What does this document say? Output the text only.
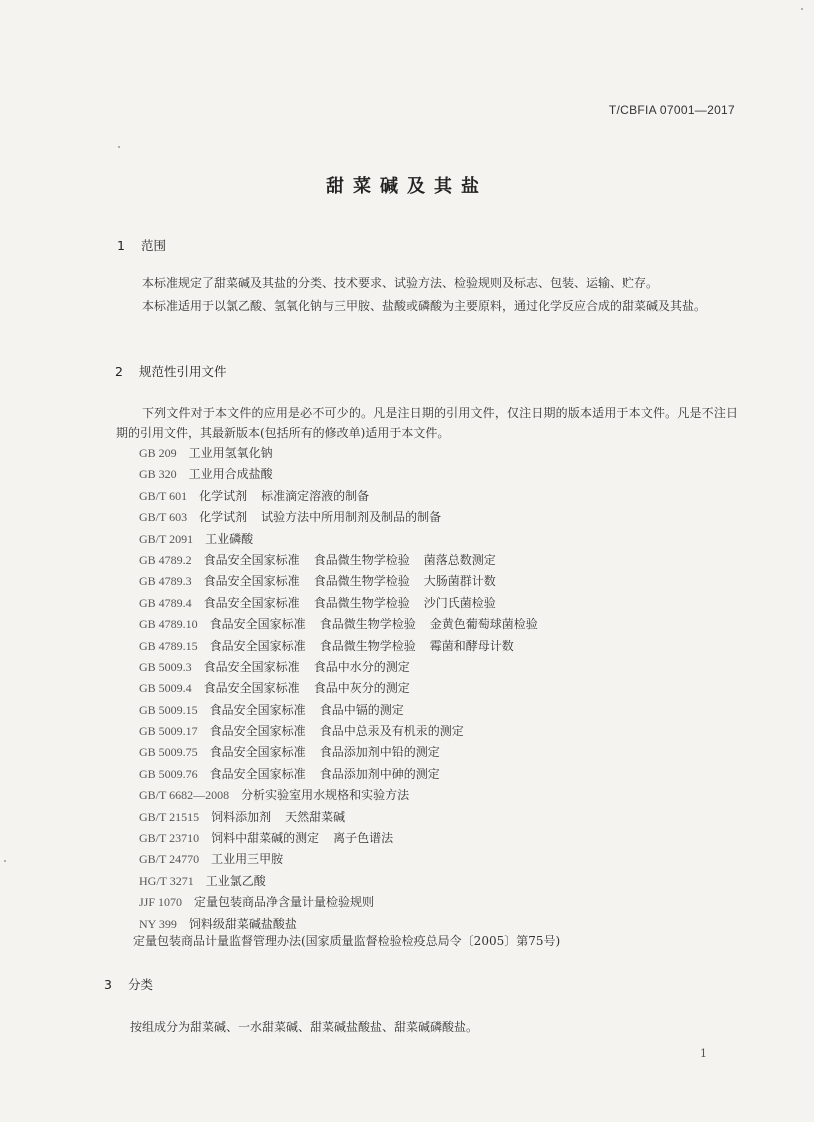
T/CBFIA 07001—2017
甜菜碱及其盐
1 范围
本标准规定了甜菜碱及其盐的分类、技术要求、试验方法、检验规则及标志、包装、运输、贮存。
本标准适用于以氯乙酸、氢氧化钠与三甲胺、盐酸或磷酸为主要原料，通过化学反应合成的甜菜碱及其盐。
2 规范性引用文件
下列文件对于本文件的应用是必不可少的。凡是注日期的引用文件，仅注日期的版本适用于本文件。凡是不注日期的引用文件，其最新版本(包括所有的修改单)适用于本文件。
GB 209 工业用氢氧化钠
GB 320 工业用合成盐酸
GB/T 601 化学试剂 标准滴定溶液的制备
GB/T 603 化学试剂 试验方法中所用制剂及制品的制备
GB/T 2091 工业磷酸
GB 4789.2 食品安全国家标准 食品微生物学检验 菌落总数测定
GB 4789.3 食品安全国家标准 食品微生物学检验 大肠菌群计数
GB 4789.4 食品安全国家标准 食品微生物学检验 沙门氏菌检验
GB 4789.10 食品安全国家标准 食品微生物学检验 金黄色葡萄球菌检验
GB 4789.15 食品安全国家标准 食品微生物学检验 霉菌和酵母计数
GB 5009.3 食品安全国家标准 食品中水分的测定
GB 5009.4 食品安全国家标准 食品中灰分的测定
GB 5009.15 食品安全国家标准 食品中镉的测定
GB 5009.17 食品安全国家标准 食品中总汞及有机汞的测定
GB 5009.75 食品安全国家标准 食品添加剂中铅的测定
GB 5009.76 食品安全国家标准 食品添加剂中砷的测定
GB/T 6682—2008 分析实验室用水规格和实验方法
GB/T 21515 饲料添加剂 天然甜菜碱
GB/T 23710 饲料中甜菜碱的测定 离子色谱法
GB/T 24770 工业用三甲胺
HG/T 3271 工业氯乙酸
JJF 1070 定量包装商品净含量计量检验规则
NY 399 饲料级甜菜碱盐酸盐
定量包装商品计量监督管理办法(国家质量监督检验检疫总局令〔2005〕第75号)
3 分类
按组成分为甜菜碱、一水甜菜碱、甜菜碱盐酸盐、甜菜碱磷酸盐。
1
